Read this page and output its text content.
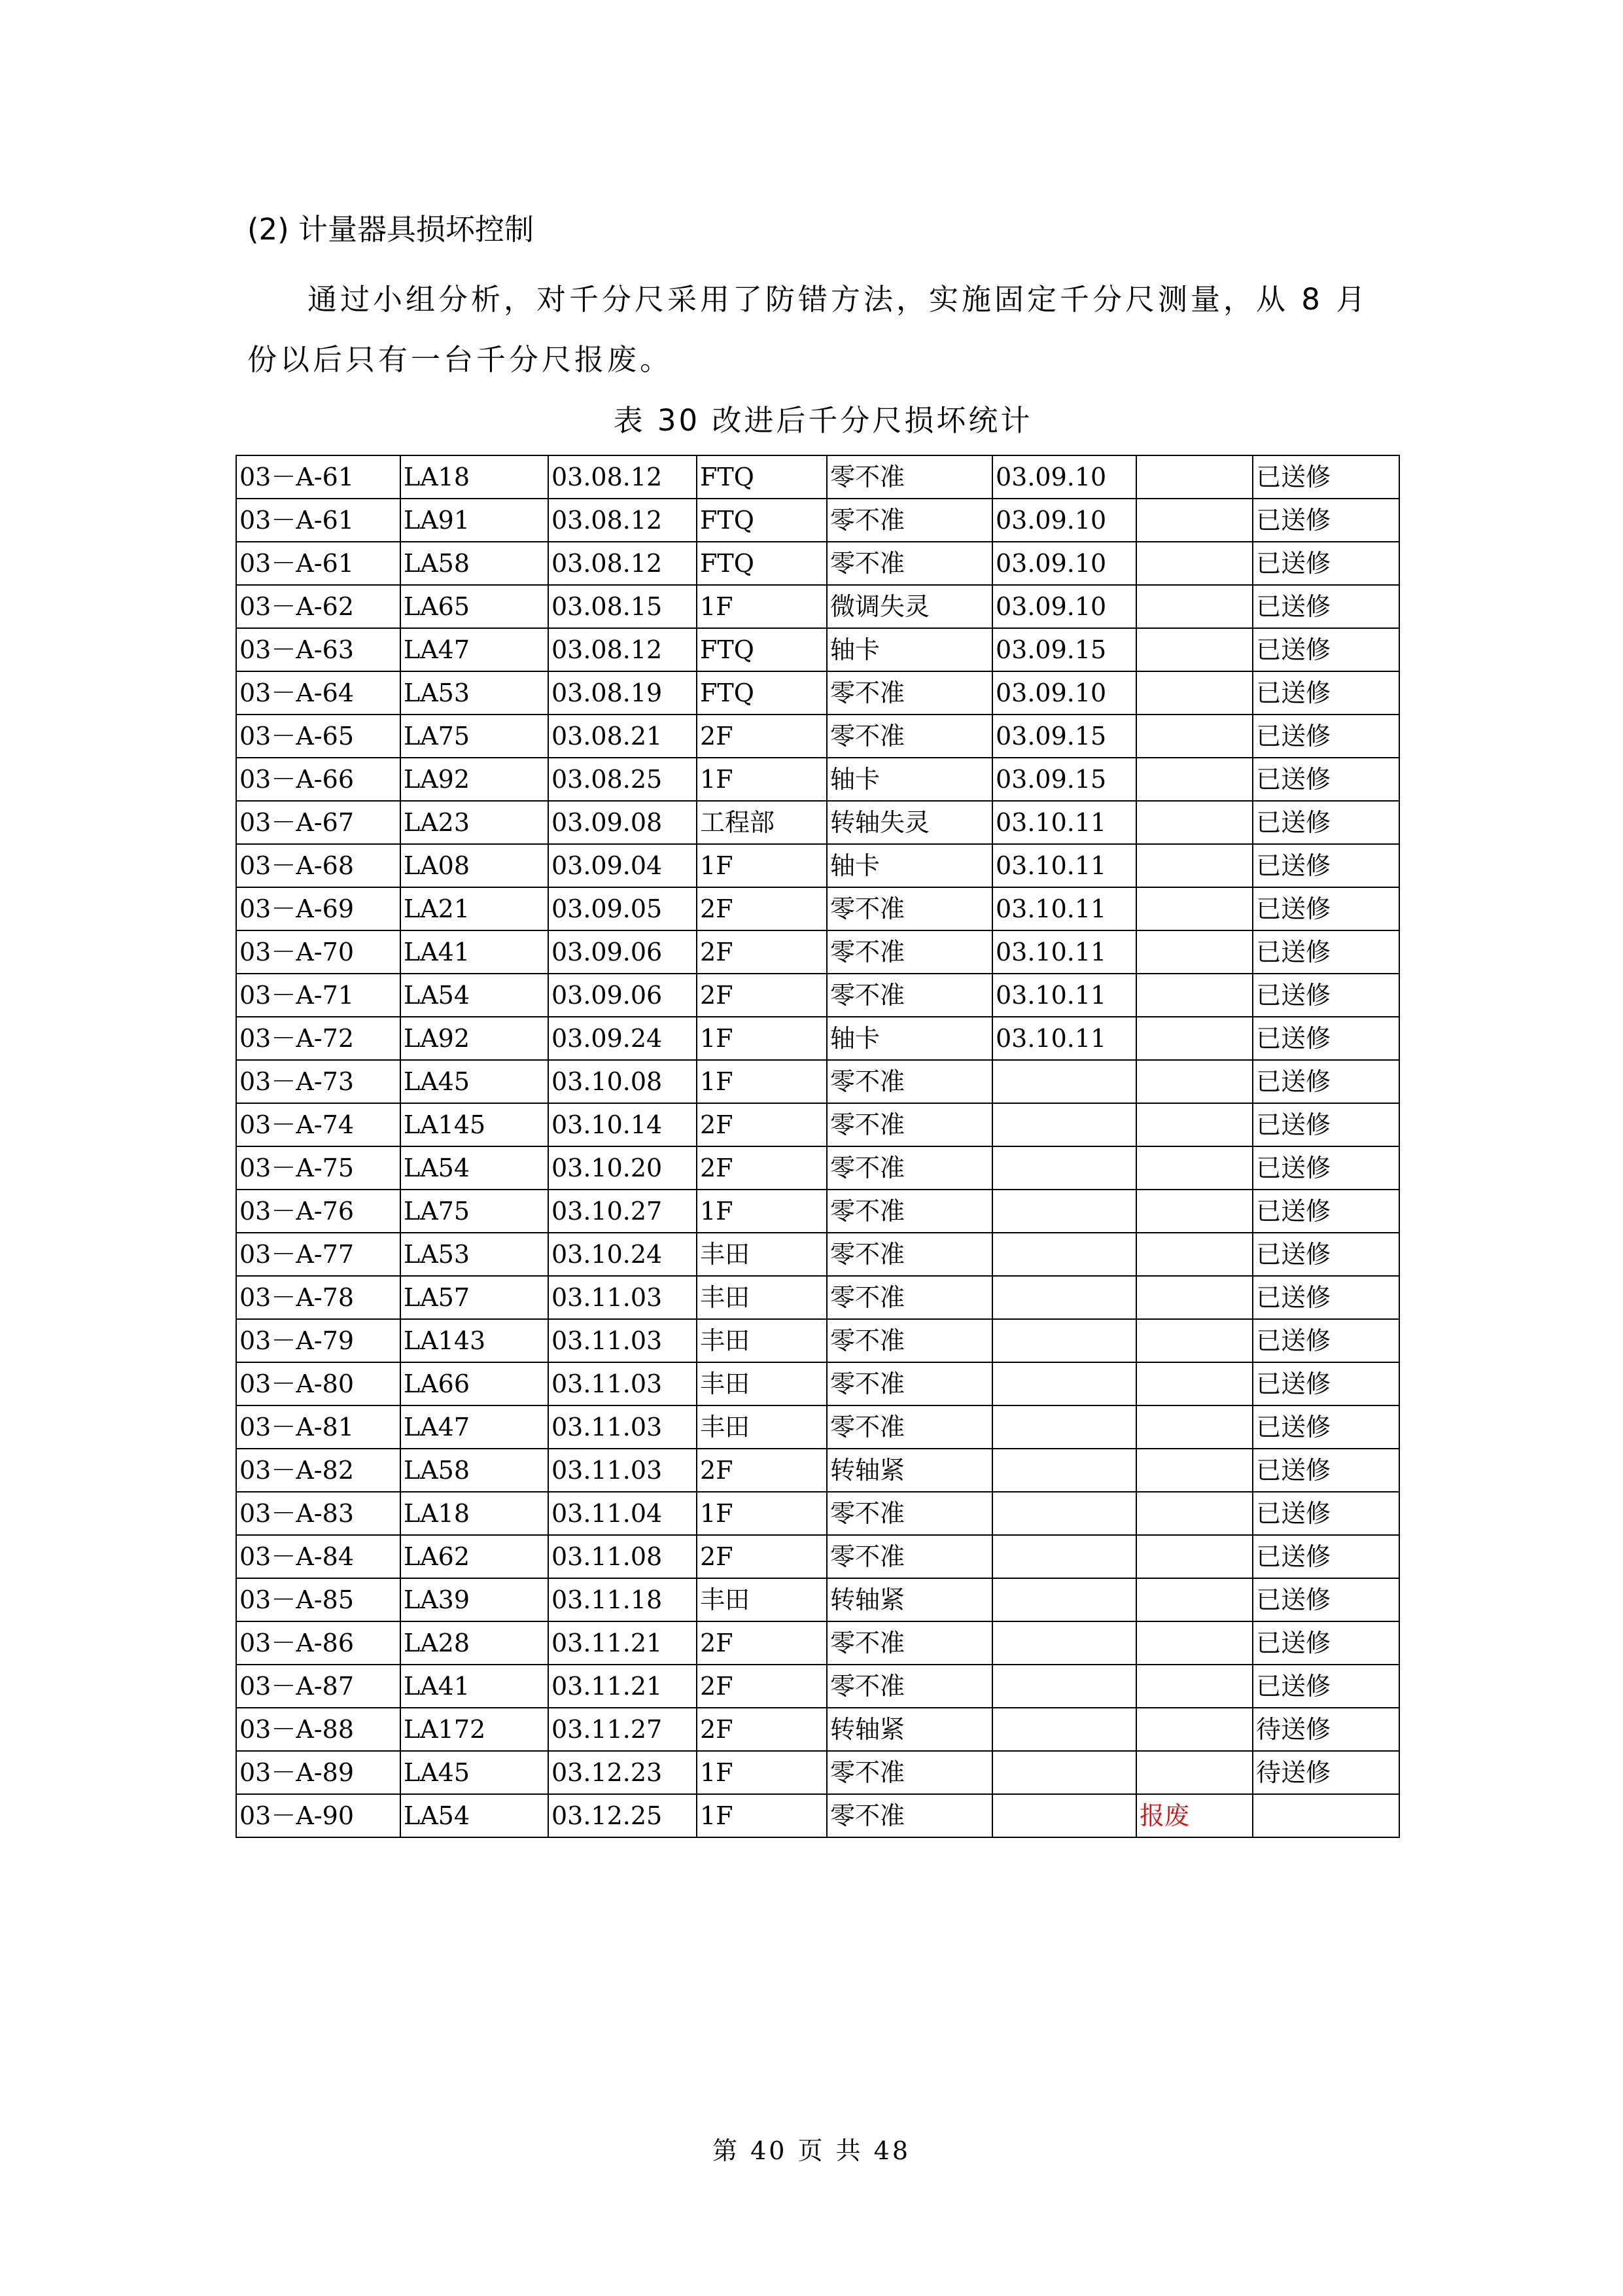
(2) 计量器具损坏控制
通过小组分析，对千分尺采用了防错方法，实施固定千分尺测量，从 8 月份以后只有一台千分尺报废。
表 30 改进后千分尺损坏统计
03－A-61	LA18	03.08.12	FTQ	零不准	03.09.10		已送修
03－A-61	LA91	03.08.12	FTQ	零不准	03.09.10		已送修
03－A-61	LA58	03.08.12	FTQ	零不准	03.09.10		已送修
03－A-62	LA65	03.08.15	1F	微调失灵	03.09.10		已送修
03－A-63	LA47	03.08.12	FTQ	轴卡	03.09.15		已送修
03－A-64	LA53	03.08.19	FTQ	零不准	03.09.10		已送修
03－A-65	LA75	03.08.21	2F	零不准	03.09.15		已送修
03－A-66	LA92	03.08.25	1F	轴卡	03.09.15		已送修
03－A-67	LA23	03.09.08	工程部	转轴失灵	03.10.11		已送修
03－A-68	LA08	03.09.04	1F	轴卡	03.10.11		已送修
03－A-69	LA21	03.09.05	2F	零不准	03.10.11		已送修
03－A-70	LA41	03.09.06	2F	零不准	03.10.11		已送修
03－A-71	LA54	03.09.06	2F	零不准	03.10.11		已送修
03－A-72	LA92	03.09.24	1F	轴卡	03.10.11		已送修
03－A-73	LA45	03.10.08	1F	零不准			已送修
03－A-74	LA145	03.10.14	2F	零不准			已送修
03－A-75	LA54	03.10.20	2F	零不准			已送修
03－A-76	LA75	03.10.27	1F	零不准			已送修
03－A-77	LA53	03.10.24	丰田	零不准			已送修
03－A-78	LA57	03.11.03	丰田	零不准			已送修
03－A-79	LA143	03.11.03	丰田	零不准			已送修
03－A-80	LA66	03.11.03	丰田	零不准			已送修
03－A-81	LA47	03.11.03	丰田	零不准			已送修
03－A-82	LA58	03.11.03	2F	转轴紧			已送修
03－A-83	LA18	03.11.04	1F	零不准			已送修
03－A-84	LA62	03.11.08	2F	零不准			已送修
03－A-85	LA39	03.11.18	丰田	转轴紧			已送修
03－A-86	LA28	03.11.21	2F	零不准			已送修
03－A-87	LA41	03.11.21	2F	零不准			已送修
03－A-88	LA172	03.11.27	2F	转轴紧			待送修
03－A-89	LA45	03.12.23	1F	零不准			待送修
03－A-90	LA54	03.12.25	1F	零不准		报废	
第 40 页 共 48
